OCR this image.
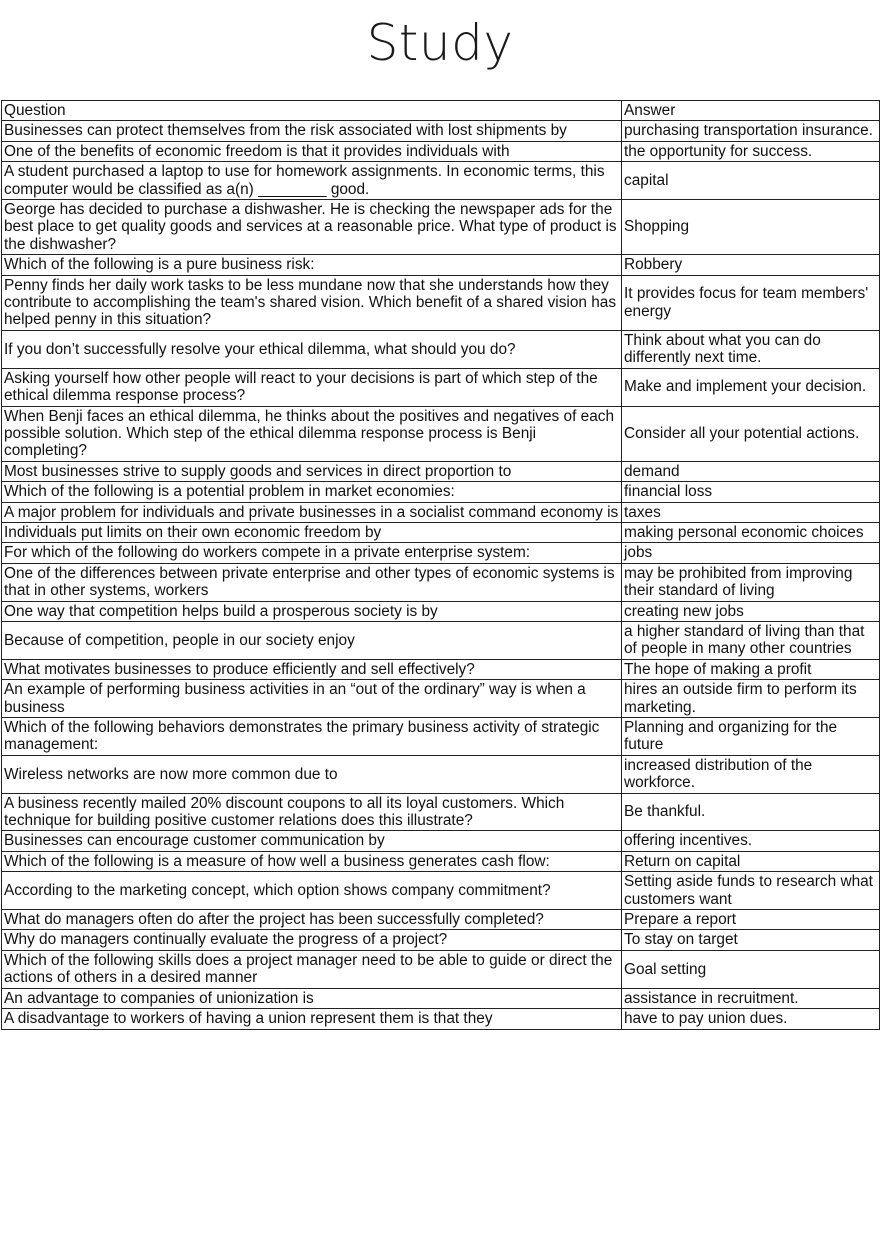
Study
Question	Answer
Businesses can protect themselves from the risk associated with lost shipments by	purchasing transportation insurance.
One of the benefits of economic freedom is that it provides individuals with	the opportunity for success.
A student purchased a laptop to use for homework assignments. In economic terms, this computer would be classified as a(n) ________ good.	capital
George has decided to purchase a dishwasher. He is checking the newspaper ads for the best place to get quality goods and services at a reasonable price. What type of product is the dishwasher?	Shopping
Which of the following is a pure business risk:	Robbery
Penny finds her daily work tasks to be less mundane now that she understands how they contribute to accomplishing the team's shared vision. Which benefit of a shared vision has helped penny in this situation?	It provides focus for team members' energy
If you don’t successfully resolve your ethical dilemma, what should you do?	Think about what you can do differently next time.
Asking yourself how other people will react to your decisions is part of which step of the ethical dilemma response process?	Make and implement your decision.
When Benji faces an ethical dilemma, he thinks about the positives and negatives of each possible solution. Which step of the ethical dilemma response process is Benji completing?	Consider all your potential actions.
Most businesses strive to supply goods and services in direct proportion to	demand
Which of the following is a potential problem in market economies:	financial loss
A major problem for individuals and private businesses in a socialist command economy is	taxes
Individuals put limits on their own economic freedom by	making personal economic choices
For which of the following do workers compete in a private enterprise system:	jobs
One of the differences between private enterprise and other types of economic systems is that in other systems, workers	may be prohibited from improving their standard of living
One way that competition helps build a prosperous society is by	creating new jobs
Because of competition, people in our society enjoy	a higher standard of living than that of people in many other countries
What motivates businesses to produce efficiently and sell effectively?	The hope of making a profit
An example of performing business activities in an “out of the ordinary” way is when a business	hires an outside firm to perform its marketing.
Which of the following behaviors demonstrates the primary business activity of strategic management:	Planning and organizing for the future
Wireless networks are now more common due to	increased distribution of the workforce.
A business recently mailed 20% discount coupons to all its loyal customers. Which technique for building positive customer relations does this illustrate?	Be thankful.
Businesses can encourage customer communication by	offering incentives.
Which of the following is a measure of how well a business generates cash flow:	Return on capital
According to the marketing concept, which option shows company commitment?	Setting aside funds to research what customers want
What do managers often do after the project has been successfully completed?	Prepare a report
Why do managers continually evaluate the progress of a project?	To stay on target
Which of the following skills does a project manager need to be able to guide or direct the actions of others in a desired manner	Goal setting
An advantage to companies of unionization is	assistance in recruitment.
A disadvantage to workers of having a union represent them is that they	have to pay union dues.
